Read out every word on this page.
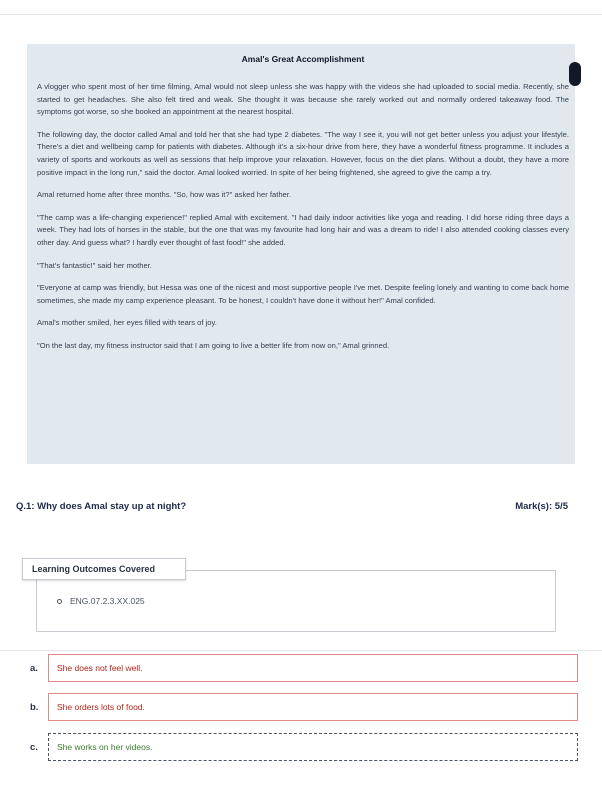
Amal's Great Accomplishment

A vlogger who spent most of her time filming, Amal would not sleep unless she was happy with the videos she had uploaded to social media. Recently, she started to get headaches. She also felt tired and weak. She thought it was because she rarely worked out and normally ordered takeaway food. The symptoms got worse, so she booked an appointment at the nearest hospital.

The following day, the doctor called Amal and told her that she had type 2 diabetes. "The way I see it, you will not get better unless you adjust your lifestyle. There's a diet and wellbeing camp for patients with diabetes. Although it's a six-hour drive from here, they have a wonderful fitness programme. It includes a variety of sports and workouts as well as sessions that help improve your relaxation. However, focus on the diet plans. Without a doubt, they have a more positive impact in the long run," said the doctor. Amal looked worried. In spite of her being frightened, she agreed to give the camp a try.

Amal returned home after three months. "So, how was it?" asked her father.

"The camp was a life-changing experience!" replied Amal with excitement. "I had daily indoor activities like yoga and reading. I did horse riding three days a week. They had lots of horses in the stable, but the one that was my favourite had long hair and was a dream to ride! I also attended cooking classes every other day. And guess what? I hardly ever thought of fast food!" she added.

"That's fantastic!" said her mother.

"Everyone at camp was friendly, but Hessa was one of the nicest and most supportive people I've met. Despite feeling lonely and wanting to come back home sometimes, she made my camp experience pleasant. To be honest, I couldn't have done it without her!" Amal confided.

Amal's mother smiled, her eyes filled with tears of joy.

"On the last day, my fitness instructor said that I am going to live a better life from now on," Amal grinned.

Q.1: Why does Amal stay up at night?	Mark(s): 5/5
ENG.07.2.3.XX.025
Learning Outcomes Covered
a.	She does not feel well.
b.	She orders lots of food.
c.	She works on her videos.
